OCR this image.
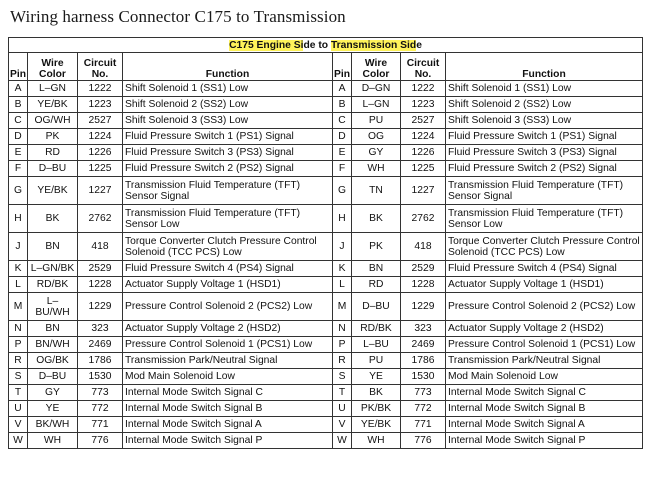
Wiring harness Connector C175 to Transmission
C175 Engine Side to Transmission Side							
Pin	Wire Color	Circuit No.	Function	Pin	Wire Color	Circuit No.	Function
A	L–GN	1222	Shift Solenoid 1 (SS1) Low	A	D–GN	1222	Shift Solenoid 1 (SS1) Low
B	YE/BK	1223	Shift Solenoid 2 (SS2) Low	B	L–GN	1223	Shift Solenoid 2 (SS2) Low
C	OG/WH	2527	Shift Solenoid 3 (SS3) Low	C	PU	2527	Shift Solenoid 3 (SS3) Low
D	PK	1224	Fluid Pressure Switch 1 (PS1) Signal	D	OG	1224	Fluid Pressure Switch 1 (PS1) Signal
E	RD	1226	Fluid Pressure Switch 3 (PS3) Signal	E	GY	1226	Fluid Pressure Switch 3 (PS3) Signal
F	D–BU	1225	Fluid Pressure Switch 2 (PS2) Signal	F	WH	1225	Fluid Pressure Switch 2 (PS2) Signal
G	YE/BK	1227	Transmission Fluid Temperature (TFT) Sensor Signal	G	TN	1227	Transmission Fluid Temperature (TFT) Sensor Signal
H	BK	2762	Transmission Fluid Temperature (TFT) Sensor Low	H	BK	2762	Transmission Fluid Temperature (TFT) Sensor Low
J	BN	418	Torque Converter Clutch Pressure Control Solenoid (TCC PCS) Low	J	PK	418	Torque Converter Clutch Pressure Control Solenoid (TCC PCS) Low
K	L–GN/BK	2529	Fluid Pressure Switch 4 (PS4) Signal	K	BN	2529	Fluid Pressure Switch 4 (PS4) Signal
L	RD/BK	1228	Actuator Supply Voltage 1 (HSD1)	L	RD	1228	Actuator Supply Voltage 1 (HSD1)
M	L–BU/WH	1229	Pressure Control Solenoid 2 (PCS2) Low	M	D–BU	1229	Pressure Control Solenoid 2 (PCS2) Low
N	BN	323	Actuator Supply Voltage 2 (HSD2)	N	RD/BK	323	Actuator Supply Voltage 2 (HSD2)
P	BN/WH	2469	Pressure Control Solenoid 1 (PCS1) Low	P	L–BU	2469	Pressure Control Solenoid 1 (PCS1) Low
R	OG/BK	1786	Transmission Park/Neutral Signal	R	PU	1786	Transmission Park/Neutral Signal
S	D–BU	1530	Mod Main Solenoid Low	S	YE	1530	Mod Main Solenoid Low
T	GY	773	Internal Mode Switch Signal C	T	BK	773	Internal Mode Switch Signal C
U	YE	772	Internal Mode Switch Signal B	U	PK/BK	772	Internal Mode Switch Signal B
V	BK/WH	771	Internal Mode Switch Signal A	V	YE/BK	771	Internal Mode Switch Signal A
W	WH	776	Internal Mode Switch Signal P	W	WH	776	Internal Mode Switch Signal P
